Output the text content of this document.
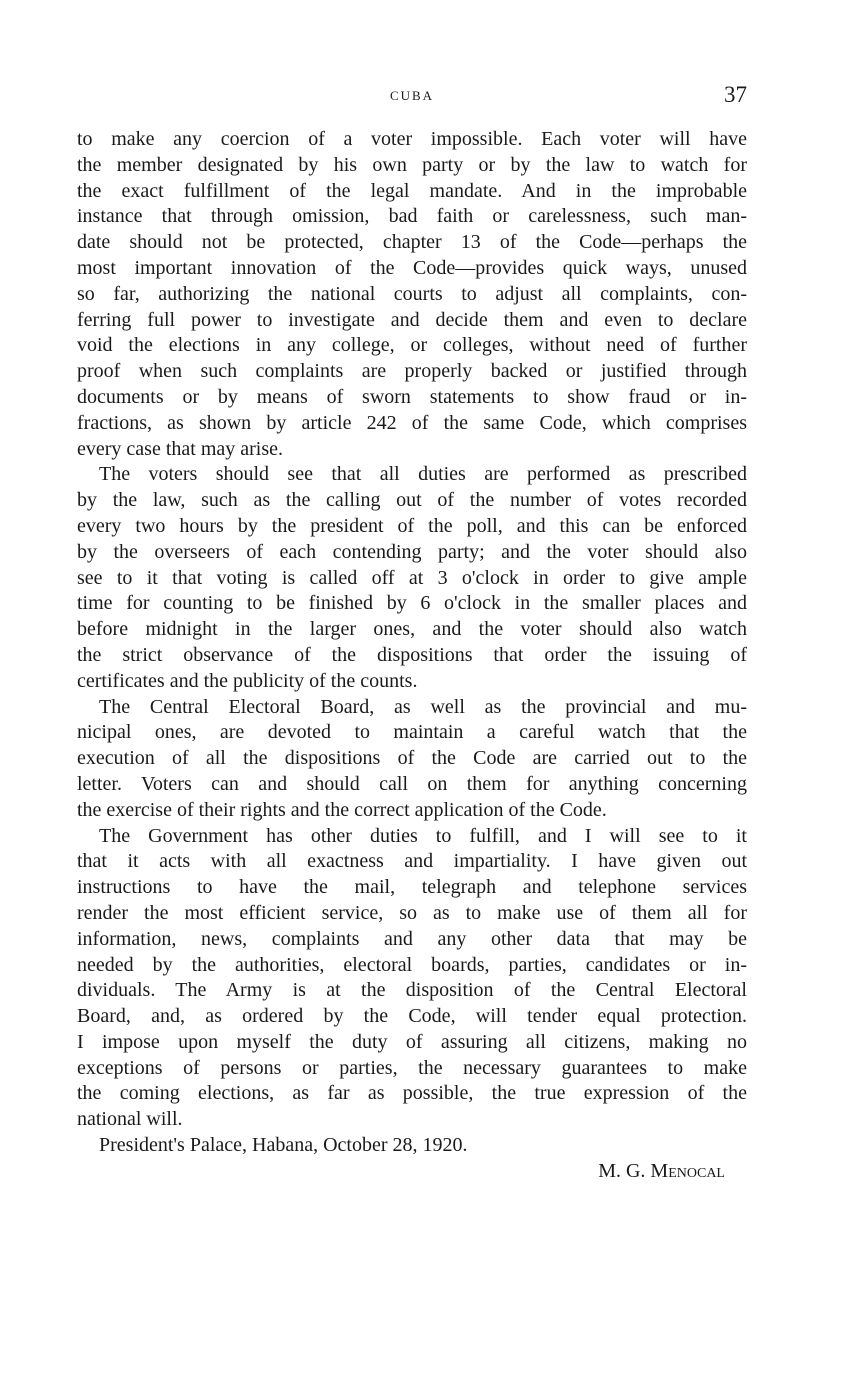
CUBA	37
to make any coercion of a voter impossible. Each voter will have
the member designated by his own party or by the law to watch for
the exact fulfillment of the legal mandate. And in the improbable
instance that through omission, bad faith or carelessness, such man-
date should not be protected, chapter 13 of the Code—perhaps the
most important innovation of the Code—provides quick ways, unused
so far, authorizing the national courts to adjust all complaints, con-
ferring full power to investigate and decide them and even to declare
void the elections in any college, or colleges, without need of further
proof when such complaints are properly backed or justified through
documents or by means of sworn statements to show fraud or in-
fractions, as shown by article 242 of the same Code, which comprises
every case that may arise.
The voters should see that all duties are performed as prescribed
by the law, such as the calling out of the number of votes recorded
every two hours by the president of the poll, and this can be enforced
by the overseers of each contending party; and the voter should also
see to it that voting is called off at 3 o'clock in order to give ample
time for counting to be finished by 6 o'clock in the smaller places and
before midnight in the larger ones, and the voter should also watch
the strict observance of the dispositions that order the issuing of
certificates and the publicity of the counts.
The Central Electoral Board, as well as the provincial and mu-
nicipal ones, are devoted to maintain a careful watch that the
execution of all the dispositions of the Code are carried out to the
letter. Voters can and should call on them for anything concerning
the exercise of their rights and the correct application of the Code.
The Government has other duties to fulfill, and I will see to it
that it acts with all exactness and impartiality. I have given out
instructions to have the mail, telegraph and telephone services
render the most efficient service, so as to make use of them all for
information, news, complaints and any other data that may be
needed by the authorities, electoral boards, parties, candidates or in-
dividuals. The Army is at the disposition of the Central Electoral
Board, and, as ordered by the Code, will tender equal protection.
I impose upon myself the duty of assuring all citizens, making no
exceptions of persons or parties, the necessary guarantees to make
the coming elections, as far as possible, the true expression of the
national will.
President's Palace, Habana, October 28, 1920.
M. G. Menocal
